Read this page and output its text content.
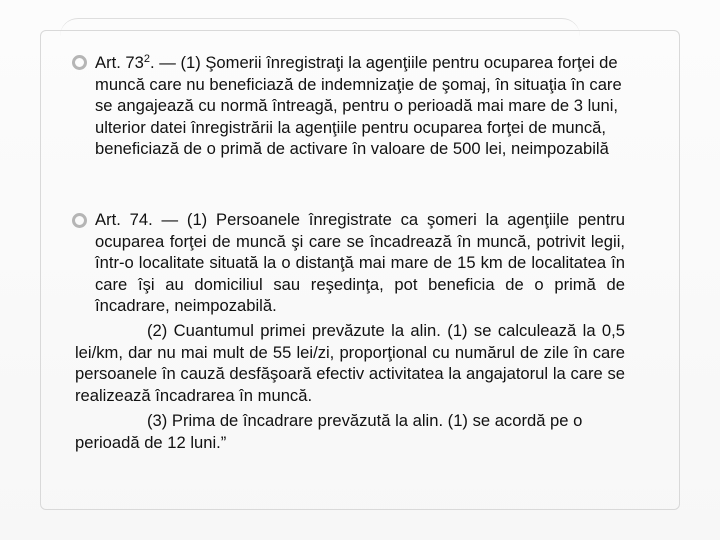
Art. $73^2$. — (1) Şomerii înregistraţi la agenţiile pentru ocuparea forţei de muncă care nu beneficiază de indemnizaţie de şomaj, în situaţia în care se angajează cu normă întreagă, pentru o perioadă mai mare de 3 luni, ulterior datei înregistrării la agenţiile pentru ocuparea forţei de muncă, beneficiază de o primă de activare în valoare de 500 lei, neimpozabilă
Art. 74. — (1) Persoanele înregistrate ca şomeri la agenţiile pentru ocuparea forţei de muncă şi care se încadrează în muncă, potrivit legii, într-o localitate situată la o distanţă mai mare de 15 km de localitatea în care îşi au domiciliul sau reşedinţa, pot beneficia de o primă de încadrare, neimpozabilă.
(2) Cuantumul primei prevăzute la alin. (1) se calculează la 0,5 lei/km, dar nu mai mult de 55 lei/zi, proporţional cu numărul de zile în care persoanele în cauză desfăşoară efectiv activitatea la angajatorul la care se realizează încadrarea în muncă.
(3) Prima de încadrare prevăzută la alin. (1) se acordă pe o perioadă de 12 luni.”
